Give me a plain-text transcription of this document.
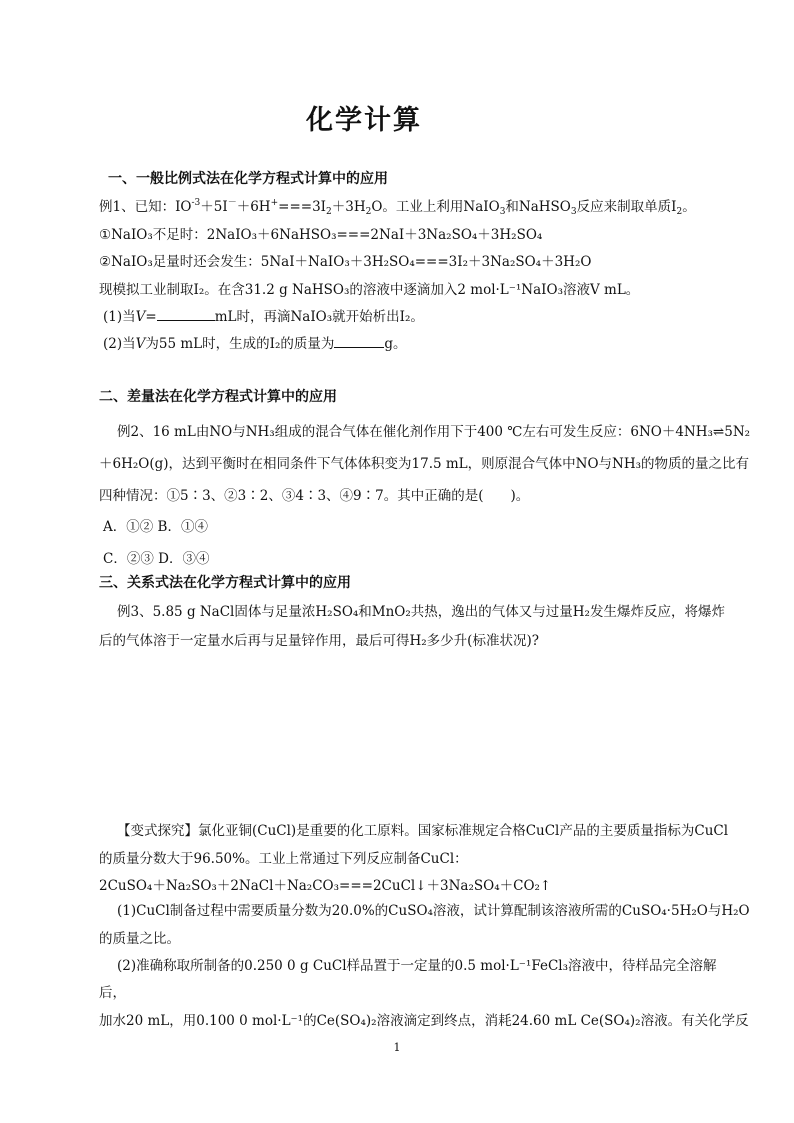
化学计算
一、一般比例式法在化学方程式计算中的应用
例1、已知：$IO^{-3}+5I^-+6H^+===3I_2+3H_2O$。工业上利用NaIO$_3$和NaHSO$_3$反应来制取单质$I_2$。
①NaIO₃不足时：2NaIO₃＋6NaHSO₃===2NaI＋3Na₂SO₄＋3H₂SO₄
②NaIO₃足量时还会发生：5NaI＋NaIO₃＋3H₂SO₄===3I₂＋3Na₂SO₄＋3H₂O
现模拟工业制取I₂。在含31.2 g NaHSO₃的溶液中逐滴加入2 mol·L⁻¹NaIO₃溶液V mL。
(1)当V=	mL时，再滴NaIO₃就开始析出I₂。
(2)当V为55 mL时，生成的I₂的质量为	g。
二、差量法在化学方程式计算中的应用
例2、16 mL由NO与NH₃组成的混合气体在催化剂作用下于400 ℃左右可发生反应：6NO＋4NH₃⇌5N₂
＋6H₂O(g)，达到平衡时在相同条件下气体体积变为17.5 mL，则原混合气体中NO与NH₃的物质的量之比有
四种情况：①5∶3、②3∶2、③4∶3、④9∶7。其中正确的是(　　)。
A．①② B．①④
C．②③ D．③④
三、关系式法在化学方程式计算中的应用
例3、5.85 g NaCl固体与足量浓H₂SO₄和MnO₂共热，逸出的气体又与过量H₂发生爆炸反应，将爆炸
后的气体溶于一定量水后再与足量锌作用，最后可得H₂多少升(标准状况)?
【变式探究】氯化亚铜(CuCl)是重要的化工原料。国家标准规定合格CuCl产品的主要质量指标为CuCl
的质量分数大于96.50%。工业上常通过下列反应制备CuCl：
2CuSO₄＋Na₂SO₃＋2NaCl＋Na₂CO₃===2CuCl↓＋3Na₂SO₄＋CO₂↑
(1)CuCl制备过程中需要质量分数为20.0%的CuSO₄溶液，试计算配制该溶液所需的CuSO₄·5H₂O与H₂O
的质量之比。
(2)准确称取所制备的0.250 0 g CuCl样品置于一定量的0.5 mol·L⁻¹FeCl₃溶液中，待样品完全溶解
后，
加水20 mL，用0.100 0 mol·L⁻¹的Ce(SO₄)₂溶液滴定到终点，消耗24.60 mL Ce(SO₄)₂溶液。有关化学反
1
